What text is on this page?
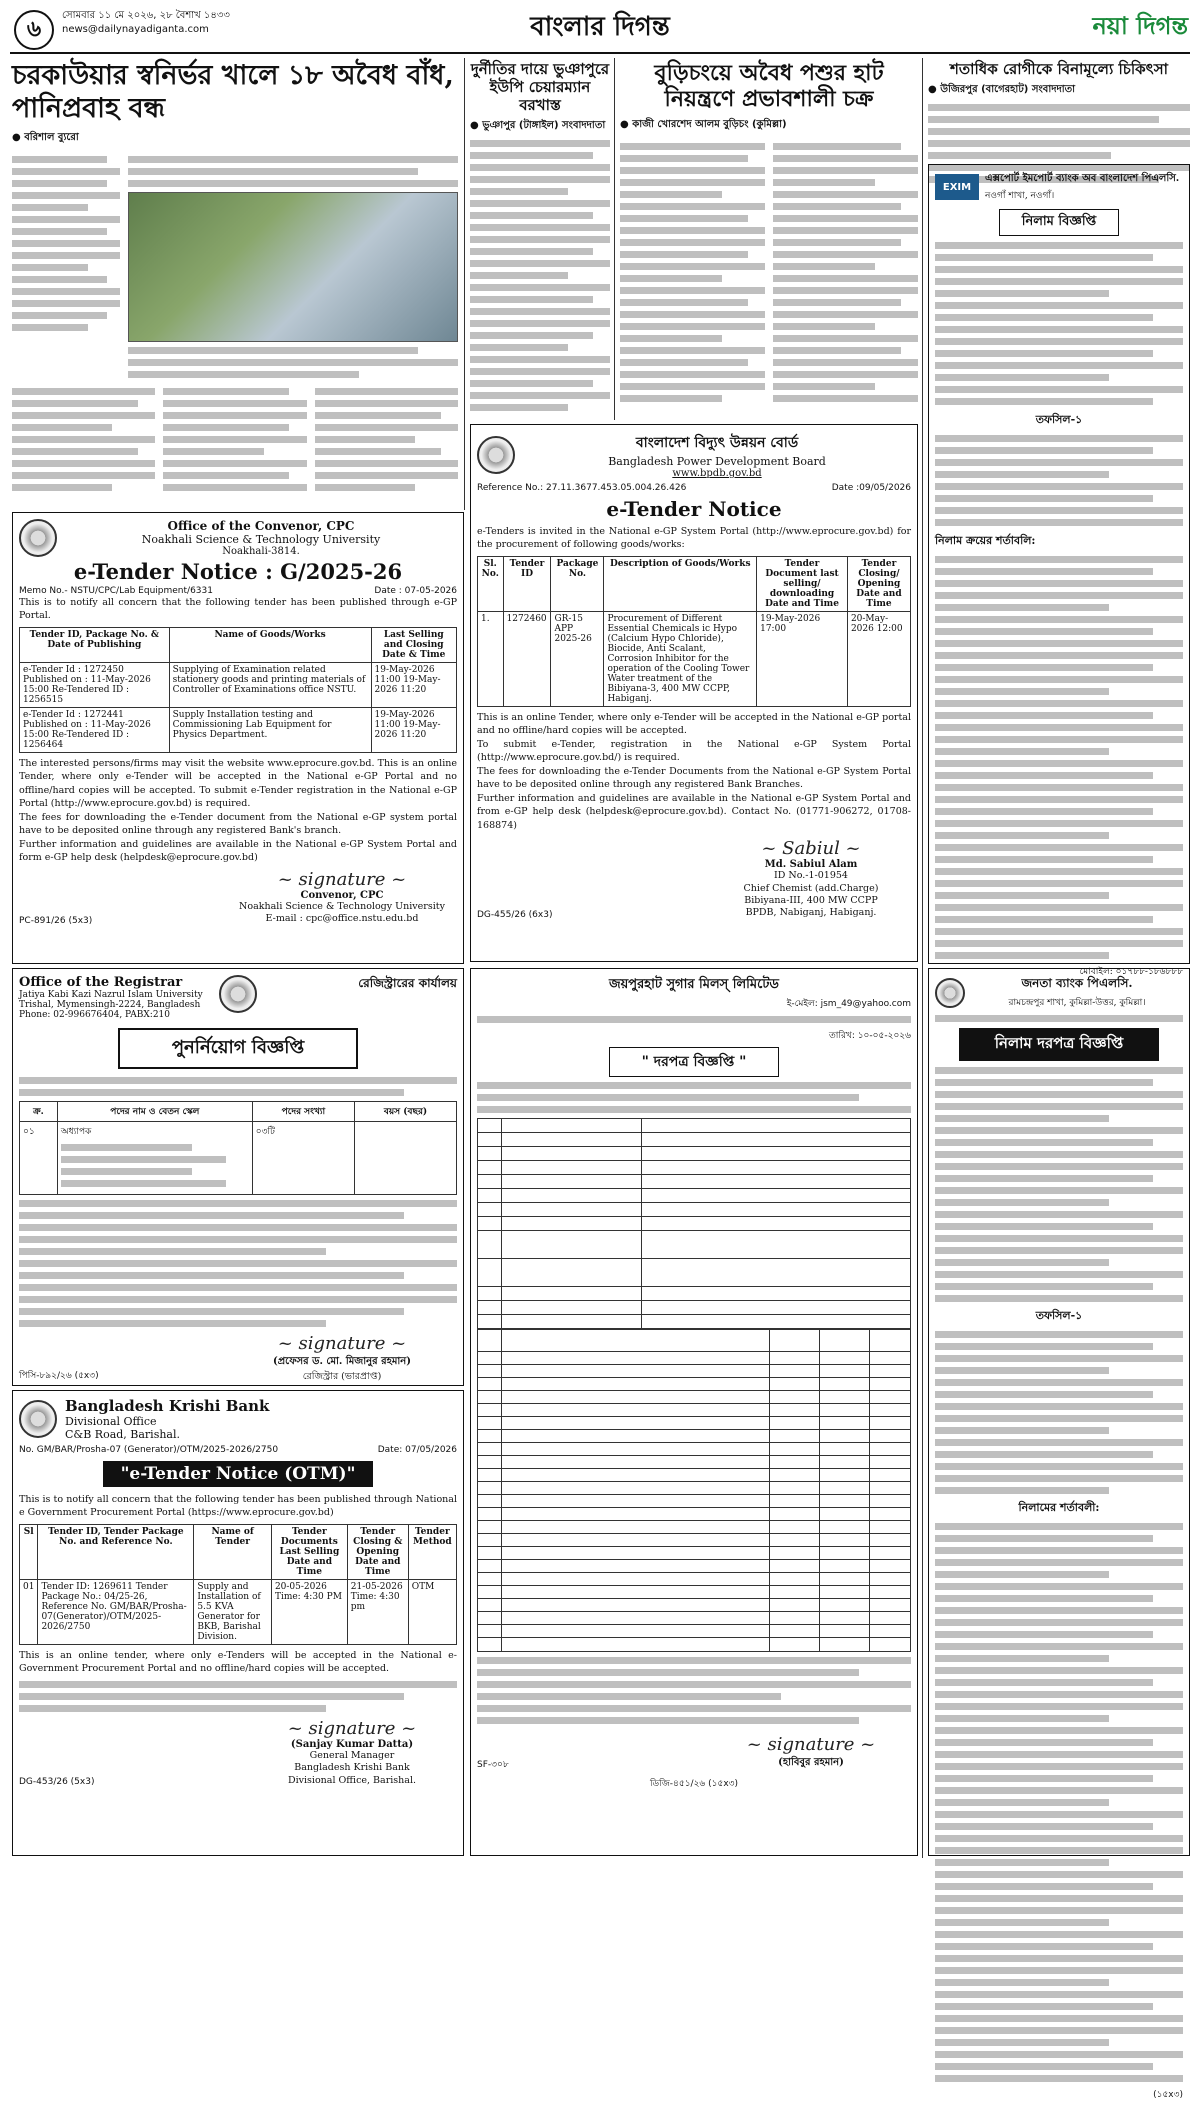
৬	সোমবার ১১ মে ২০২৬, ২৮ বৈশাখ ১৪৩৩
news@dailynayadiganta.com	বাংলার দিগন্ত	নয়া দিগন্ত
চরকাউয়ার স্বনির্ভর খালে ১৮ অবৈধ বাঁধ, পানিপ্রবাহ বন্ধ
● বরিশাল ব্যুরো
দুর্নীতির দায়ে ভুঞাপুরে ইউপি চেয়ারম্যান বরখাস্ত
● ভুঞাপুর (টাঙ্গাইল) সংবাদদাতা
বুড়িচংয়ে অবৈধ পশুর হাট নিয়ন্ত্রণে প্রভাবশালী চক্র
● কাজী খোরশেদ আলম বুড়িচং (কুমিল্লা)
শতাধিক রোগীকে বিনামূল্যে চিকিৎসা
● উজিরপুর (বাগেরহাট) সংবাদদাতা
EXIM
এক্সপোর্ট ইমপোর্ট ব্যাংক অব বাংলাদেশ পিএলসি.
নওগাঁ শাখা, নওগাঁ।
নিলাম বিজ্ঞপ্তি
তফসিল-১
নিলাম ক্রয়ের শর্তাবলি:
মোবাইল: ০১৭৮৮-১৮৬৮৮৮
বাংলাদেশ বিদ্যুৎ উন্নয়ন বোর্ড
Bangladesh Power Development Board
www.bpdb.gov.bd
Reference No.: 27.11.3677.453.05.004.26.426	Date :09/05/2026
e-Tender Notice
e-Tenders is invited in the National e-GP System Portal (http://www.eprocure.gov.bd) for the procurement of following goods/works:
Sl. No.	Tender ID	Package No.	Description of Goods/Works	Tender Document last selling/ downloading Date and Time	Tender Closing/ Opening Date and Time
1.	1272460	GR-15 APP 2025-26	Procurement of Different Essential Chemicals ic Hypo (Calcium Hypo Chloride), Biocide, Anti Scalant, Corrosion Inhibitor for the operation of the Cooling Tower Water treatment of the Bibiyana-3, 400 MW CCPP, Habiganj.	19-May-2026 17:00	20-May-2026 12:00
This is an online Tender, where only e-Tender will be accepted in the National e-GP portal and no offline/hard copies will be accepted.
To submit e-Tender, registration in the National e-GP System Portal (http://www.eprocure.gov.bd/) is required.
The fees for downloading the e-Tender Documents from the National e-GP System Portal have to be deposited online through any registered Bank Branches.
Further information and guidelines are available in the National e-GP System Portal and from e-GP help desk (helpdesk@eprocure.gov.bd). Contact No. (01771-906272, 01708-168874)
DG-455/26 (6x3)
~ Sabiul ~
Md. Sabiul Alam
ID No.-1-01954
Chief Chemist (add.Charge)
Bibiyana-III, 400 MW CCPP
BPDB, Nabiganj, Habiganj.
Office of the Convenor, CPC
Noakhali Science & Technology University
Noakhali-3814.
e-Tender Notice : G/2025-26
Memo No.- NSTU/CPC/Lab Equipment/6331	Date : 07-05-2026
This is to notify all concern that the following tender has been published through e-GP Portal.
Tender ID, Package No. & Date of Publishing	Name of Goods/Works	Last Selling and Closing Date & Time
e-Tender Id : 1272450 Published on : 11-May-2026 15:00 Re-Tendered ID : 1256515	Supplying of Examination related stationery goods and printing materials of Controller of Examinations office NSTU.	19-May-2026 11:00 19-May-2026 11:20
e-Tender Id : 1272441 Published on : 11-May-2026 15:00 Re-Tendered ID : 1256464	Supply Installation testing and Commissioning Lab Equipment for Physics Department.	19-May-2026 11:00 19-May-2026 11:20
The interested persons/firms may visit the website www.eprocure.gov.bd. This is an online Tender, where only e-Tender will be accepted in the National e-GP Portal and no offline/hard copies will be accepted. To submit e-Tender registration in the National e-GP Portal (http://www.eprocure.gov.bd) is required.
The fees for downloading the e-Tender document from the National e-GP system portal have to be deposited online through any registered Bank's branch.
Further information and guidelines are available in the National e-GP System Portal and form e-GP help desk (helpdesk@eprocure.gov.bd)
PC-891/26 (5x3)
~ signature ~
Convenor, CPC
Noakhali Science & Technology University
E-mail : cpc@office.nstu.edu.bd
Office of the Registrar
Jatiya Kabi Kazi Nazrul Islam University
Trishal, Mymensingh-2224, Bangladesh
Phone: 02-996676404, PABX:210
রেজিস্ট্রারের কার্যালয়
পুনর্নিয়োগ বিজ্ঞপ্তি
ক্র.	পদের নাম ও বেতন স্কেল	পদের সংখ্যা	বয়স (বছর)
০১	অধ্যাপক	০৩টি	
পিসি-৮৯২/২৬ (৫x৩)
~ signature ~
(প্রফেসর ড. মো. মিজানুর রহমান)
রেজিস্ট্রার (ভারপ্রাপ্ত)
Bangladesh Krishi Bank
Divisional Office
C&B Road, Barishal.
No. GM/BAR/Prosha-07 (Generator)/OTM/2025-2026/2750	Date: 07/05/2026
"e-Tender Notice (OTM)"
This is to notify all concern that the following tender has been published through National e Government Procurement Portal (https://www.eprocure.gov.bd)
Sl	Tender ID, Tender Package No. and Reference No.	Name of Tender	Tender Documents Last Selling Date and Time	Tender Closing & Opening Date and Time	Tender Method
01	Tender ID: 1269611 Tender Package No.: 04/25-26, Reference No. GM/BAR/Prosha-07(Generator)/OTM/2025-2026/2750	Supply and Installation of 5.5 KVA Generator for BKB, Barishal Division.	20-05-2026 Time: 4:30 PM	21-05-2026 Time: 4:30 pm	OTM
This is an online tender, where only e-Tenders will be accepted in the National e-Government Procurement Portal and no offline/hard copies will be accepted.
DG-453/26 (5x3)
~ signature ~
(Sanjay Kumar Datta)
General Manager
Bangladesh Krishi Bank
Divisional Office, Barishal.
জয়পুরহাট সুগার মিলস্ লিমিটেড
ই-মেইল: jsm_49@yahoo.com
তারিখ: ১০-০৫-২০২৬
" দরপত্র বিজ্ঞপ্তি "
SF-৩০৮
~ signature ~
(হাবিবুর রহমান)
ডিজি-৪৫১/২৬ (১৫x৩)
জনতা ব্যাংক পিএলসি.
রামচন্দ্রপুর শাখা, কুমিল্লা-উত্তর, কুমিল্লা।
নিলাম দরপত্র বিজ্ঞপ্তি
তফসিল-১
নিলামের শর্তাবলী:
(১৫x৩)
